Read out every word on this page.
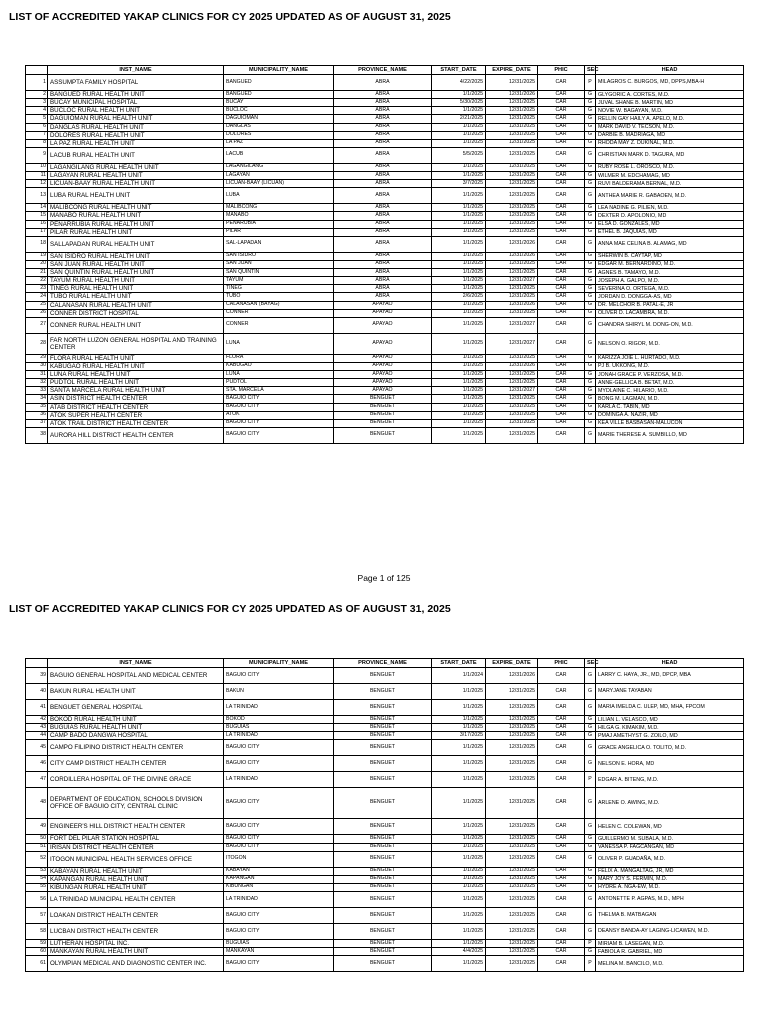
LIST OF ACCREDITED YAKAP CLINICS FOR CY 2025 UPDATED AS OF AUGUST 31, 2025
	INST_NAME	MUNICIPALITY_NAME	PROVINCE_NAME	START_DATE	EXPIRE_DATE	PHIC	SEC	HEAD
1	ASSUMPTA FAMILY HOSPITAL	BANGUED	ABRA	4/22/2025	12/31/2025	CAR	P	MILAGROS C. BURGOS, MD, DPPS,MBA-H
2	BANGUED RURAL HEALTH UNIT	BANGUED	ABRA	1/1/2025	12/31/2026	CAR	G	GLYGORIC A. CORTES, M.D.
3	BUCAY MUNICIPAL HOSPITAL	BUCAY	ABRA	5/30/2025	12/31/2025	CAR	G	JUVAL SHANE B. MARTIN, MD
4	BUCLOC RURAL HEALTH UNIT	BUCLOC	ABRA	1/1/2025	12/31/2025	CAR	G	NOVIE W. BAGAYAN, M.D.
5	DAGUIOMAN RURAL HEALTH UNIT	DAGUIOMAN	ABRA	2/21/2025	12/31/2025	CAR	G	RELLIN GAY HAILY A. APELO, M.D.
6	DANGLAS RURAL HEALTH UNIT	DANGLAS	ABRA	1/1/2025	12/31/2025	CAR	G	MARK DAVID V. TECSON, M.D.
7	DOLORES RURAL HEALTH UNIT	DOLORES	ABRA	1/1/2025	12/31/2025	CAR	G	DARBIE B. MADRIAGA, MD
8	LA PAZ RURAL HEALTH UNIT	LA PAZ	ABRA	1/1/2025	12/31/2025	CAR	G	RHODA MAY Z. DUKINAL, M.D.
9	LACUB RURAL HEALTH UNIT	LACUB	ABRA	5/5/2025	12/31/2025	CAR	G	CHRISTIAN MARK D. TAGURA, MD
10	LAGANGILANG RURAL HEALTH UNIT	LAGANGILANG	ABRA	1/1/2025	12/31/2025	CAR	G	RUBY ROSE L. OROSCO, M.D.
11	LAGAYAN RURAL HEALTH UNIT	LAGAYAN	ABRA	1/1/2025	12/31/2025	CAR	G	WILMER M. EDCHAMAG, MD
12	LICUAN-BAAY RURAL HEALTH UNIT	LICUAN-BAAY (LICUAN)	ABRA	3/7/2025	12/31/2025	CAR	G	RUVI BALDERAMA BERNAL, M.D.
13	LUBA RURAL HEALTH UNIT	LUBA	ABRA	1/1/2025	12/31/2025	CAR	G	ANTHEA MARIE R. GABAOEN, M.D.
14	MALIBCONG RURAL HEALTH UNIT	MALIBCONG	ABRA	1/1/2025	12/31/2025	CAR	G	LEA NADINE G. PILIEN, M.D.
15	MANABO RURAL HEALTH UNIT	MANABO	ABRA	1/1/2025	12/31/2025	CAR	G	DEXTER D. APOLONIO, MD
16	PEÑARRUBIA RURAL HEALTH UNIT	PENARUBIA	ABRA	1/1/2025	12/31/2025	CAR	G	ELSA D. GONZALES, MD
17	PILAR RURAL HEALTH UNIT	PILAR	ABRA	1/1/2025	12/31/2025	CAR	G	ETHEL B. JAQUIAS, MD
18	SALLAPADAN RURAL HEALTH UNIT	SAL-LAPADAN	ABRA	1/1/2025	12/31/2026	CAR	G	ANNA MAE CELINA B. ALAMAG, MD
19	SAN ISIDRO RURAL HEALTH UNIT	SAN ISIDRO	ABRA	1/1/2025	12/31/2026	CAR	G	SHERWIN B. CAYTAP, MD
20	SAN JUAN RURAL HEALTH UNIT	SAN JUAN	ABRA	1/1/2025	12/31/2025	CAR	G	EDGAR M. BERNARDINO, M.D.
21	SAN QUINTIN RURAL HEALTH UNIT	SAN QUINTIN	ABRA	1/1/2025	12/31/2025	CAR	G	AGNES B. TAMAYO, M.D.
22	TAYUM RURAL HEALTH UNIT	TAYUM	ABRA	1/1/2025	12/31/2027	CAR	G	JOSEPH A. GALPO, M.D.
23	TINEG RURAL HEALTH UNIT	TINEG	ABRA	1/1/2025	12/31/2025	CAR	G	SEVERINA O. ORTEGA, M.D.
24	TUBO RURAL HEALTH UNIT	TUBO	ABRA	2/6/2025	12/31/2025	CAR	G	JORDAN D. DONGGA-AS, MD
25	CALANASAN RURAL HEALTH UNIT	CALANASAN (BAYAG)	APAYAO	1/1/2025	12/31/2026	CAR	G	DR. MELCHOR B. PATAL-E, JR
26	CONNER DISTRICT HOSPITAL	CONNER	APAYAO	1/1/2025	12/31/2025	CAR	G	OLIVER D. LACAMBRA, M.D.
27	CONNER RURAL HEALTH UNIT	CONNER	APAYAO	1/1/2025	12/31/2027	CAR	G	CHANDRA SHIRYL M. DONG-ON, M.D.
28	FAR NORTH LUZON GENERAL HOSPITAL AND TRAINING CENTER	LUNA	APAYAO	1/1/2025	12/31/2027	CAR	G	NELSON O. RIGOR, M.D.
29	FLORA RURAL HEALTH UNIT	FLORA	APAYAO	1/1/2025	12/31/2025	CAR	G	KARIZZA JOIE L. HURTADO, M.D.
30	KABUGAO RURAL HEALTH UNIT	KABUGAO	APAYAO	1/1/2025	12/31/2026	CAR	G	PJ B. UKKONG, M.D.
31	LUNA RURAL HEALTH UNIT	LUNA	APAYAO	1/1/2025	12/31/2025	CAR	G	JONAH GRACE P. VERZOSA, M.D.
32	PUDTOL RURAL HEALTH UNIT	PUDTOL	APAYAO	1/1/2025	12/31/2025	CAR	G	ANNE-GELLICA B. BETAT, M.D.
33	SANTA MARCELA RURAL HEALTH UNIT	STA. MARCELA	APAYAO	1/1/2025	12/31/2027	CAR	G	MYDLAINE C. HILARIO, M.D.
34	ASIN DISTRICT HEALTH CENTER	BAGUIO CITY	BENGUET	1/1/2025	12/31/2025	CAR	G	BONG M. LAGMAN, M.D.
35	ATAB DISTRICT HEALTH CENTER	BAGUIO CITY	BENGUET	1/1/2025	12/31/2025	CAR	G	KARLA C. TABIN, MD
36	ATOK SUPER HEALTH CENTER	ATOK	BENGUET	1/1/2025	12/31/2025	CAR	G	DOMINGA A. NAZIR, MD
37	ATOK TRAIL DISTRICT HEALTH CENTER	BAGUIO CITY	BENGUET	1/1/2025	12/31/2025	CAR	G	KEA VILLE BASBASAN-MALUCON
38	AURORA HILL DISTRICT HEALTH CENTER	BAGUIO CITY	BENGUET	1/1/2025	12/31/2025	CAR	G	MARIE THERESE A. SUMBILLO, MD
Page 1 of 125
LIST OF ACCREDITED YAKAP CLINICS FOR CY 2025 UPDATED AS OF AUGUST 31, 2025
	INST_NAME	MUNICIPALITY_NAME	PROVINCE_NAME	START_DATE	EXPIRE_DATE	PHIC	SEC	HEAD
39	BAGUIO GENERAL HOSPITAL AND MEDICAL CENTER	BAGUIO CITY	BENGUET	1/1/2024	12/31/2026	CAR	G	LARRY C. HAYA, JR., MD, DPCP, MBA
40	BAKUN RURAL HEALTH UNIT	BAKUN	BENGUET	1/1/2025	12/31/2025	CAR	G	MARYJANE TAYABAN
41	BENGUET GENERAL HOSPITAL	LA TRINIDAD	BENGUET	1/1/2025	12/31/2025	CAR	G	MARIA IMELDA C. ULEP, MD, MHA, FPCOM
42	BOKOD RURAL HEALTH UNIT	BOKOD	BENGUET	1/1/2025	12/31/2025	CAR	G	LILIAN L. VELASCO, MD
43	BUGUIAS RURAL HEALTH UNIT	BUGUIAS	BENGUET	1/1/2025	12/31/2025	CAR	G	HILGA G. KIMAKIM, M.D.
44	CAMP BADO DANGWA HOSPITAL	LA TRINIDAD	BENGUET	3/17/2025	12/31/2025	CAR	G	PMAJ AMETHYST G. ZOILO, MD
45	CAMPO FILIPINO DISTRICT HEALTH CENTER	BAGUIO CITY	BENGUET	1/1/2025	12/31/2025	CAR	G	GRACE ANGELICA O. TOLITO, M.D.
46	CITY CAMP DISTRICT HEALTH CENTER	BAGUIO CITY	BENGUET	1/1/2025	12/31/2025	CAR	G	NELSON E. HORA, MD
47	CORDILLERA HOSPITAL OF THE DIVINE GRACE	LA TRINIDAD	BENGUET	1/1/2025	12/31/2025	CAR	P	EDGAR A. BITENG, M.D.
48	DEPARTMENT OF EDUCATION, SCHOOLS DIVISION OFFICE OF BAGUIO CITY, CENTRAL CLINIC	BAGUIO CITY	BENGUET	1/1/2025	12/31/2025	CAR	G	ARLENE O. AWING, M.D.
49	ENGINEER'S HILL DISTRICT HEALTH CENTER	BAGUIO CITY	BENGUET	1/1/2025	12/31/2025	CAR	G	HELEN C. COLEWAN, MD
50	FORT DEL PILAR STATION HOSPITAL	BAGUIO CITY	BENGUET	1/1/2025	12/31/2025	CAR	G	GUILLERMO M. SUBALA, M.D.
51	IRISAN DISTRICT HEALTH CENTER	BAGUIO CITY	BENGUET	1/1/2025	12/31/2025	CAR	G	VANESSA P. FAGCANGAN, MD
52	ITOGON MUNICIPAL HEALTH SERVICES OFFICE	ITOGON	BENGUET	1/1/2025	12/31/2025	CAR	G	OLIVER P. GUADAÑA, M.D.
53	KABAYAN RURAL HEALTH UNIT	KABAYAN	BENGUET	1/1/2025	12/31/2025	CAR	G	FELIX A. MANGALTAG, JR, MD
54	KAPANGAN RURAL HEALTH UNIT	KAPANGAN	BENGUET	1/1/2025	12/31/2025	CAR	G	MARY JOY S. FERMIN, M.D.
55	KIBUNGAN RURAL HEALTH UNIT	KIBUNGAN	BENGUET	1/1/2025	12/31/2025	CAR	G	HYDRE A. NGA-EW, M.D.
56	LA TRINIDAD MUNICIPAL HEALTH CENTER	LA TRINIDAD	BENGUET	1/1/2025	12/31/2025	CAR	G	ANTONETTE P. AGPAS, M.D., MPH
57	LOAKAN DISTRICT HEALTH CENTER	BAGUIO CITY	BENGUET	1/1/2025	12/31/2025	CAR	G	THELMA B. MATBAGAN
58	LUCBAN DISTRICT HEALTH CENTER	BAGUIO CITY	BENGUET	1/1/2025	12/31/2025	CAR	G	DEANSY BANDA-AY LAGING-LICAWEN, M.D.
59	LUTHERAN HOSPITAL INC.	BUGUIAS	BENGUET	1/1/2025	12/31/2025	CAR	P	MIRIAM B. LASEGAN, M.D.
60	MANKAYAN RURAL HEALTH UNIT	MANKAYAN	BENGUET	4/4/2025	12/31/2025	CAR	G	FABIOLA R. GABRIEL, MD
61	OLYMPIAN MEDICAL AND DIAGNOSTIC CENTER INC.	BAGUIO CITY	BENGUET	1/1/2025	12/31/2025	CAR	P	MELINA M. BANCILO, M.D.
